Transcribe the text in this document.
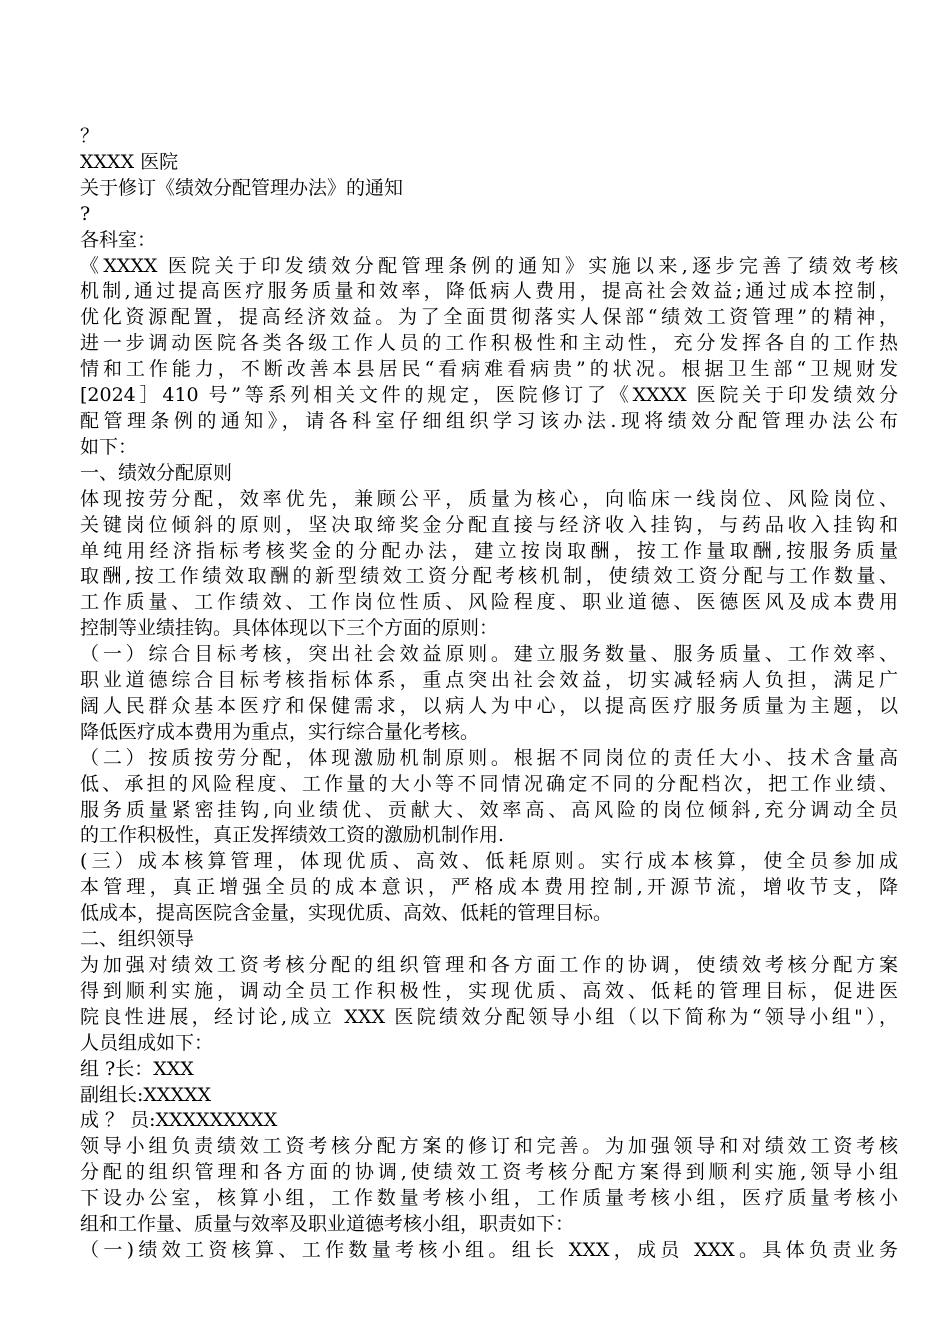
？
XXXX 医院
关于修订《绩效分配管理办法》的通知
?
各科室：
《XXXX 医院关于印发绩效分配管理条例的通知》实施以来,逐步完善了绩效考核
机制,通过提高医疗服务质量和效率，降低病人费用，提高社会效益;通过成本控制，
优化资源配置，提高经济效益。为了全面贯彻落实人保部“绩效工资管理”的精神，
进一步调动医院各类各级工作人员的工作积极性和主动性，充分发挥各自的工作热
情和工作能力，不断改善本县居民“看病难看病贵”的状况。根据卫生部“卫规财发
[2024］410 号”等系列相关文件的规定，医院修订了《XXXX 医院关于印发绩效分
配管理条例的通知》，请各科室仔细组织学习该办法.现将绩效分配管理办法公布
如下：
一、绩效分配原则
体现按劳分配，效率优先，兼顾公平，质量为核心，向临床一线岗位、风险岗位、
关键岗位倾斜的原则，坚决取缔奖金分配直接与经济收入挂钩，与药品收入挂钩和
单纯用经济指标考核奖金的分配办法，建立按岗取酬，按工作量取酬,按服务质量
取酬,按工作绩效取酬的新型绩效工资分配考核机制，使绩效工资分配与工作数量、
工作质量、工作绩效、工作岗位性质、风险程度、职业道德、医德医风及成本费用
控制等业绩挂钩。具体体现以下三个方面的原则：
（一）综合目标考核，突出社会效益原则。建立服务数量、服务质量、工作效率、
职业道德综合目标考核指标体系，重点突出社会效益，切实减轻病人负担，满足广
阔人民群众基本医疗和保健需求，以病人为中心，以提高医疗服务质量为主题，以
降低医疗成本费用为重点，实行综合量化考核。
（二）按质按劳分配，体现激励机制原则。根据不同岗位的责任大小、技术含量高
低、承担的风险程度、工作量的大小等不同情况确定不同的分配档次，把工作业绩、
服务质量紧密挂钩,向业绩优、贡献大、效率高、高风险的岗位倾斜,充分调动全员
的工作积极性，真正发挥绩效工资的激励机制作用.
(三）成本核算管理，体现优质、高效、低耗原则。实行成本核算，使全员参加成
本管理，真正增强全员的成本意识，严格成本费用控制,开源节流，增收节支，降
低成本，提高医院含金量，实现优质、高效、低耗的管理目标。
二、组织领导
为加强对绩效工资考核分配的组织管理和各方面工作的协调，使绩效考核分配方案
得到顺利实施，调动全员工作积极性，实现优质、高效、低耗的管理目标，促进医
院良性进展，经讨论,成立 XXX 医院绩效分配领导小组（以下简称为“领导小组"），
人员组成如下：
组 ?长：XXX
副组长:XXXXX
成 ？ 员:XXXXXXXXX
领导小组负责绩效工资考核分配方案的修订和完善。为加强领导和对绩效工资考核
分配的组织管理和各方面的协调,使绩效工资考核分配方案得到顺利实施,领导小组
下设办公室，核算小组，工作数量考核小组，工作质量考核小组，医疗质量考核小
组和工作量、质量与效率及职业道德考核小组，职责如下：
（一)绩效工资核算、工作数量考核小组。组长 XXX，成员 XXX。具体负责业务
